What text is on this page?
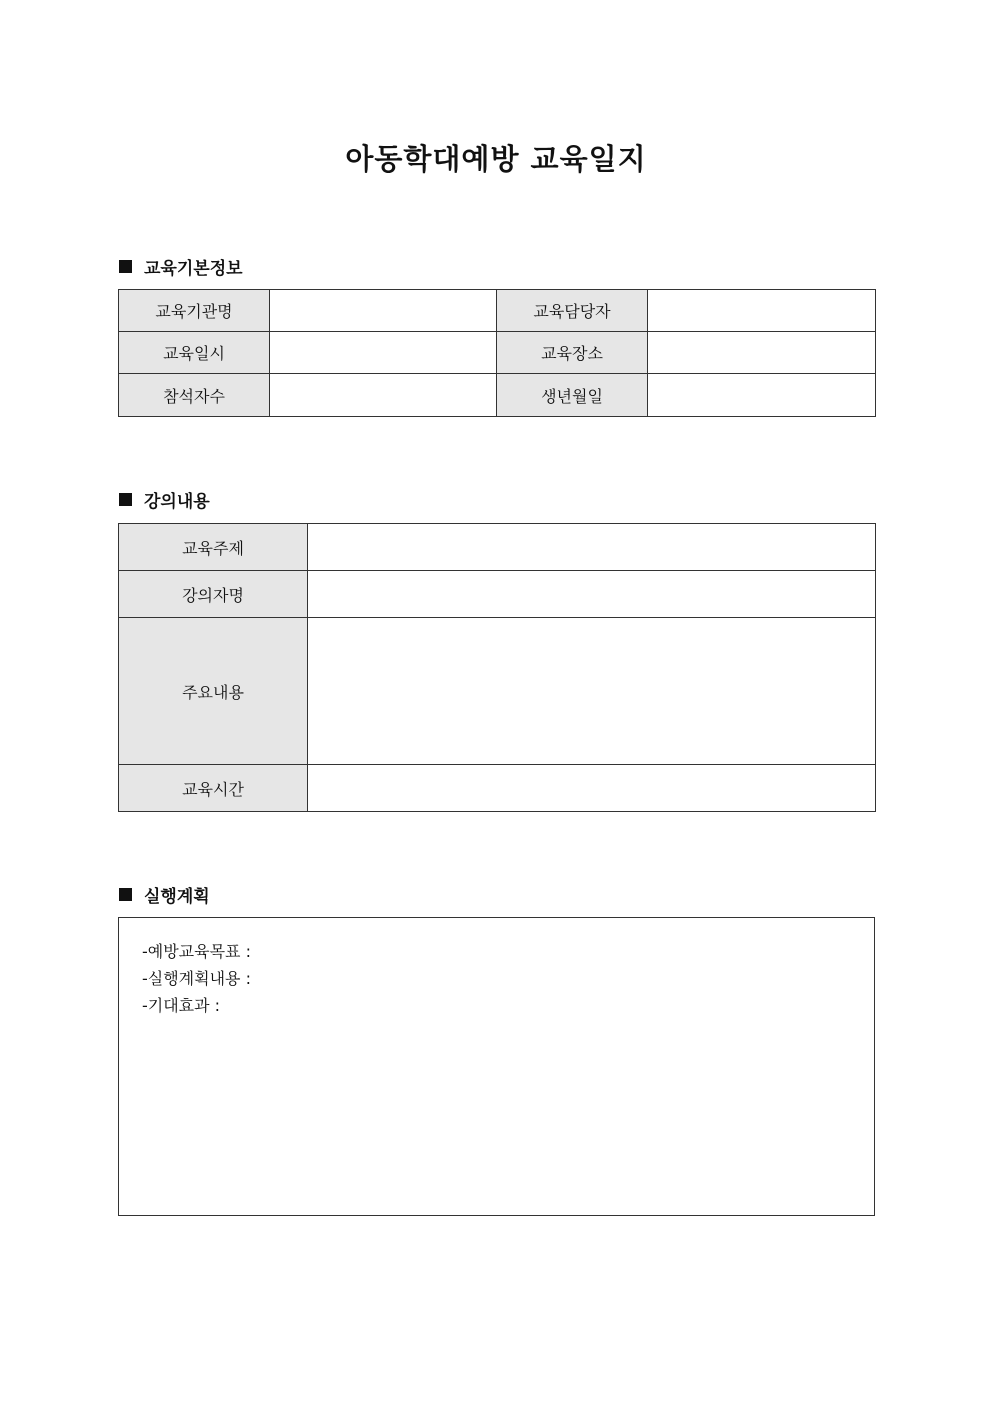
아동학대예방 교육일지
교육기본정보
교육기관명		교육담당자	
교육일시		교육장소	
참석자수		생년월일	
강의내용
교육주제	
강의자명	
주요내용	
교육시간	
실행계획
-예방교육목표 :
-실행계획내용 :
-기대효과 :
